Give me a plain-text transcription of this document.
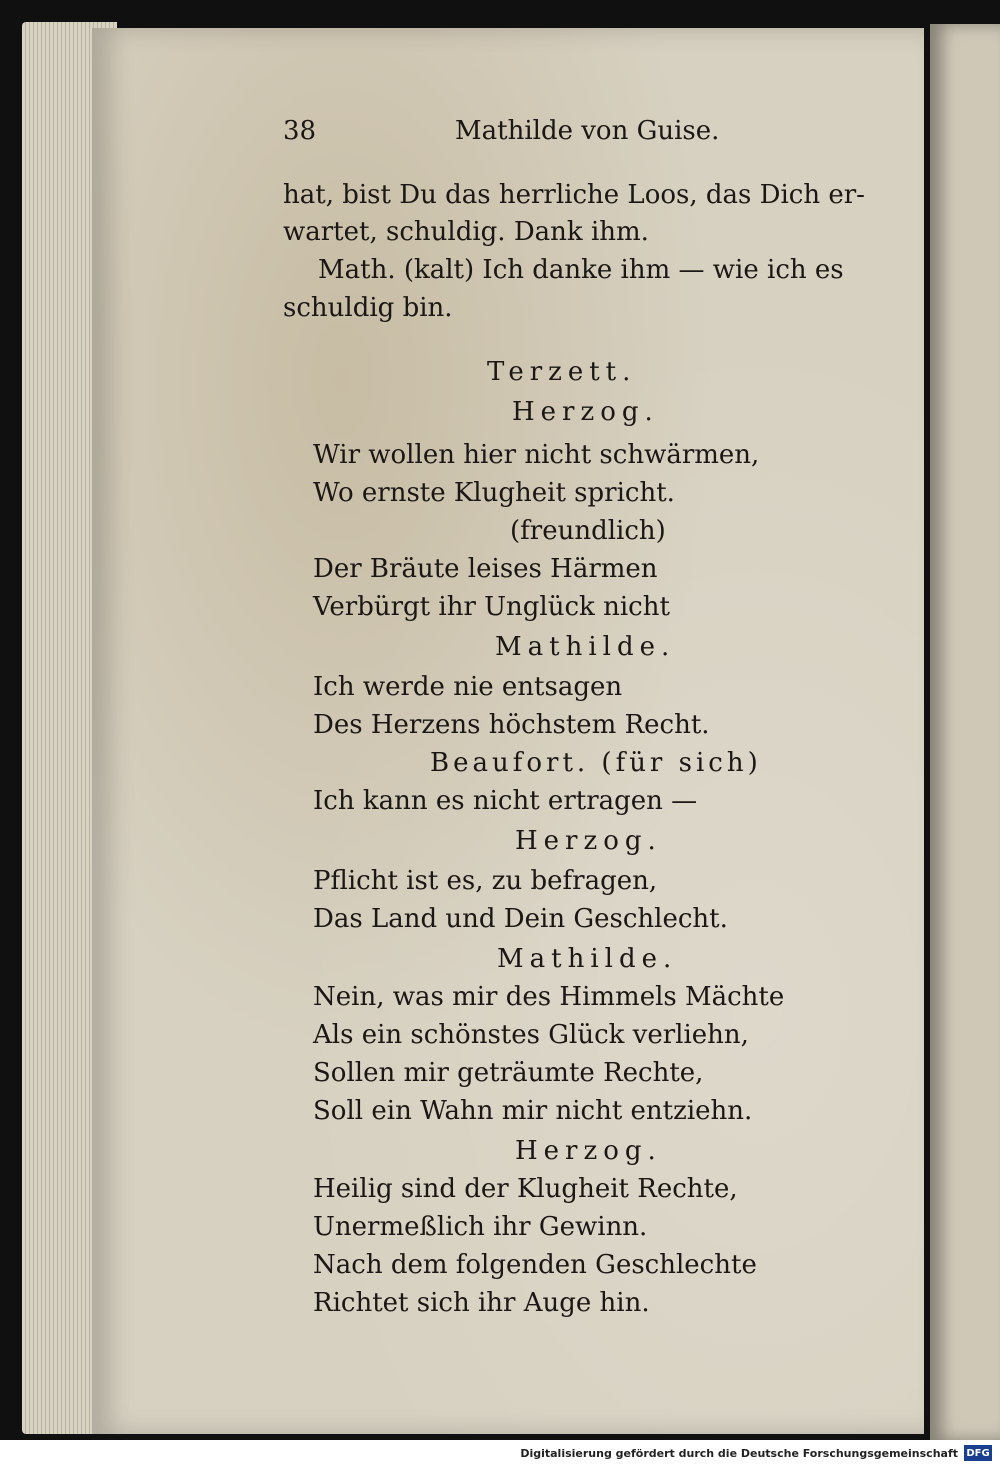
38	Mathilde von Guise.
hat, bist Du das herrliche Loos, das Dich er-
wartet, schuldig. Dank ihm.
Math. (kalt) Ich danke ihm — wie ich es
schuldig bin.
Terzett.
Herzog.
Wir wollen hier nicht schwärmen,
Wo ernste Klugheit spricht.
(freundlich)
Der Bräute leises Härmen
Verbürgt ihr Unglück nicht
Mathilde.
Ich werde nie entsagen
Des Herzens höchstem Recht.
Beaufort. (für sich)
Ich kann es nicht ertragen —
Herzog.
Pflicht ist es, zu befragen,
Das Land und Dein Geschlecht.
Mathilde.
Nein, was mir des Himmels Mächte
Als ein schönstes Glück verliehn,
Sollen mir geträumte Rechte,
Soll ein Wahn mir nicht entziehn.
Herzog.
Heilig sind der Klugheit Rechte,
Unermeßlich ihr Gewinn.
Nach dem folgenden Geschlechte
Richtet sich ihr Auge hin.
Digitalisierung gefördert durch die Deutsche Forschungsgemeinschaft DFG
